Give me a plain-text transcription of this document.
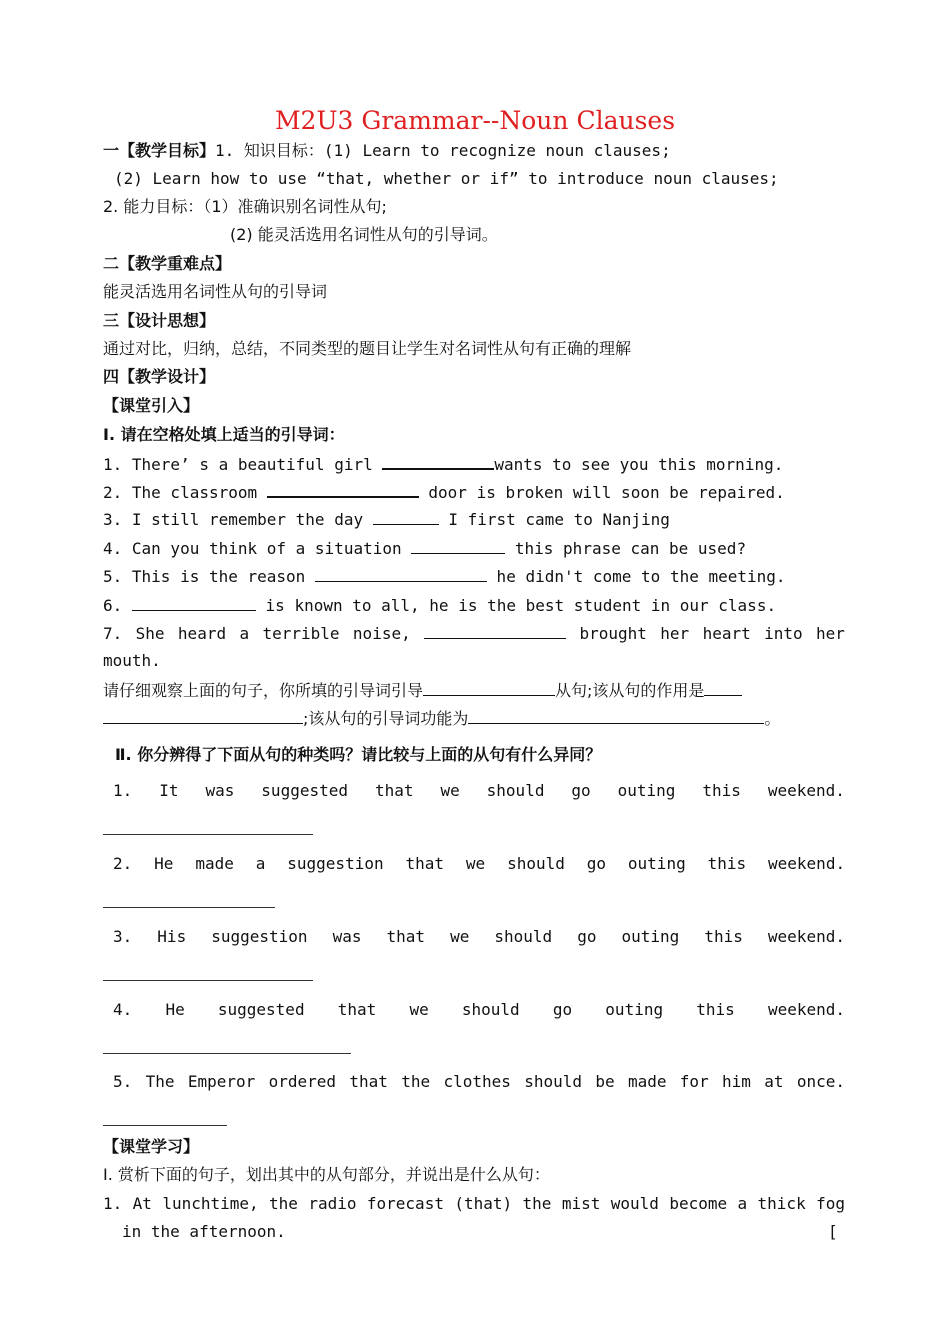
M2U3 Grammar--Noun Clauses
一【教学目标】1. 知识目标：(1) Learn to recognize noun clauses;
(2) Learn how to use “that, whether or if” to introduce noun clauses;
2. 能力目标：（1）准确识别名词性从句;
(2) 能灵活选用名词性从句的引导词。
二【教学重难点】
能灵活选用名词性从句的引导词
三【设计思想】
通过对比，归纳，总结，不同类型的题目让学生对名词性从句有正确的理解
四【教学设计】
【课堂引入】
I. 请在空格处填上适当的引导词：
1. There’ s a beautiful girl	wants to see you this morning.
2. The classroom	door is broken will soon be repaired.
3. I still remember the day	I first came to Nanjing
4. Can you think of a situation	this phrase can be used?
5. This is the reason	he didn't come to the meeting.
6.	is known to all, he is the best student in our class.
7. She heard a terrible noise,	brought her heart into her
mouth.
请仔细观察上面的句子，你所填的引导词引导	从句;该从句的作用是
;该从句的引导词功能为	。
Ⅱ. 你分辨得了下面从句的种类吗？请比较与上面的从句有什么异同？
1. It was suggested that we should go outing this weekend.
2. He made a suggestion that we should go outing this weekend.
3. His suggestion was that we should go outing this weekend.
4. He suggested that we should go outing this weekend.
5. The Emperor ordered that the clothes should be made for him at once.
【课堂学习】
I. 赏析下面的句子，划出其中的从句部分，并说出是什么从句：
1. At lunchtime, the radio forecast (that) the mist would become a thick fog
in the afternoon.	[
